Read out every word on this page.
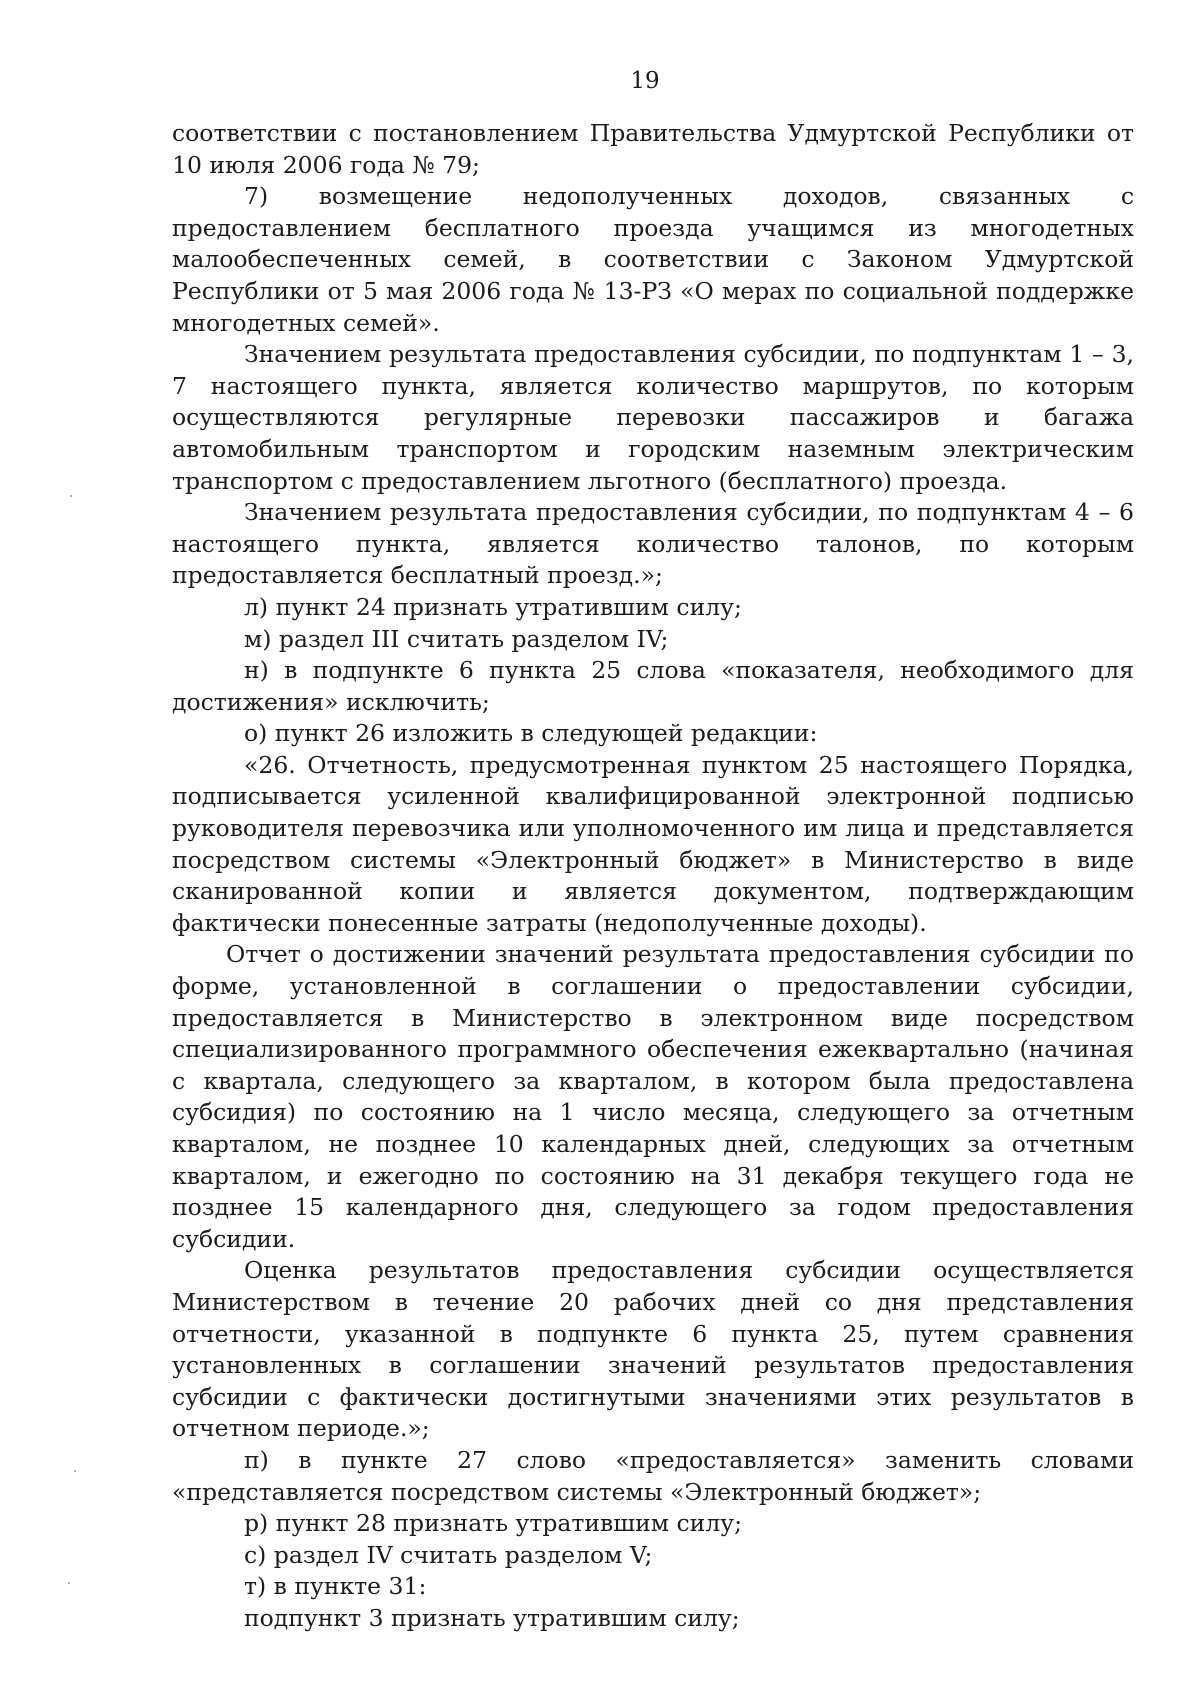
19

соответствии с постановлением Правительства Удмуртской Республики от 10 июля 2006 года № 79;

7) возмещение недополученных доходов, связанных с предоставлением бесплатного проезда учащимся из многодетных малообеспеченных семей, в соответствии с Законом Удмуртской Республики от 5 мая 2006 года № 13-РЗ «О мерах по социальной поддержке многодетных семей».

Значением результата предоставления субсидии, по подпунктам 1 – 3, 7 настоящего пункта, является количество маршрутов, по которым осуществляются регулярные перевозки пассажиров и багажа автомобильным транспортом и городским наземным электрическим транспортом с предоставлением льготного (бесплатного) проезда.

Значением результата предоставления субсидии, по подпунктам 4 – 6 настоящего пункта, является количество талонов, по которым предоставляется бесплатный проезд.»;

л) пункт 24 признать утратившим силу;

м) раздел III считать разделом IV;

н) в подпункте 6 пункта 25 слова «показателя, необходимого для достижения» исключить;

о) пункт 26 изложить в следующей редакции:

«26. Отчетность, предусмотренная пунктом 25 настоящего Порядка, подписывается усиленной квалифицированной электронной подписью руководителя перевозчика или уполномоченного им лица и представляется посредством системы «Электронный бюджет» в Министерство в виде сканированной копии и является документом, подтверждающим фактически понесенные затраты (недополученные доходы).

Отчет о достижении значений результата предоставления субсидии по форме, установленной в соглашении о предоставлении субсидии, предоставляется в Министерство в электронном виде посредством специализированного программного обеспечения ежеквартально (начиная с квартала, следующего за кварталом, в котором была предоставлена субсидия) по состоянию на 1 число месяца, следующего за отчетным кварталом, не позднее 10 календарных дней, следующих за отчетным кварталом, и ежегодно по состоянию на 31 декабря текущего года не позднее 15 календарного дня, следующего за годом предоставления субсидии.

Оценка результатов предоставления субсидии осуществляется Министерством в течение 20 рабочих дней со дня представления отчетности, указанной в подпункте 6 пункта 25, путем сравнения установленных в соглашении значений результатов предоставления субсидии с фактически достигнутыми значениями этих результатов в отчетном периоде.»;

п) в пункте 27 слово «предоставляется» заменить словами «представляется посредством системы «Электронный бюджет»;

р) пункт 28 признать утратившим силу;

с) раздел IV считать разделом V;

т) в пункте 31:

подпункт 3 признать утратившим силу;
